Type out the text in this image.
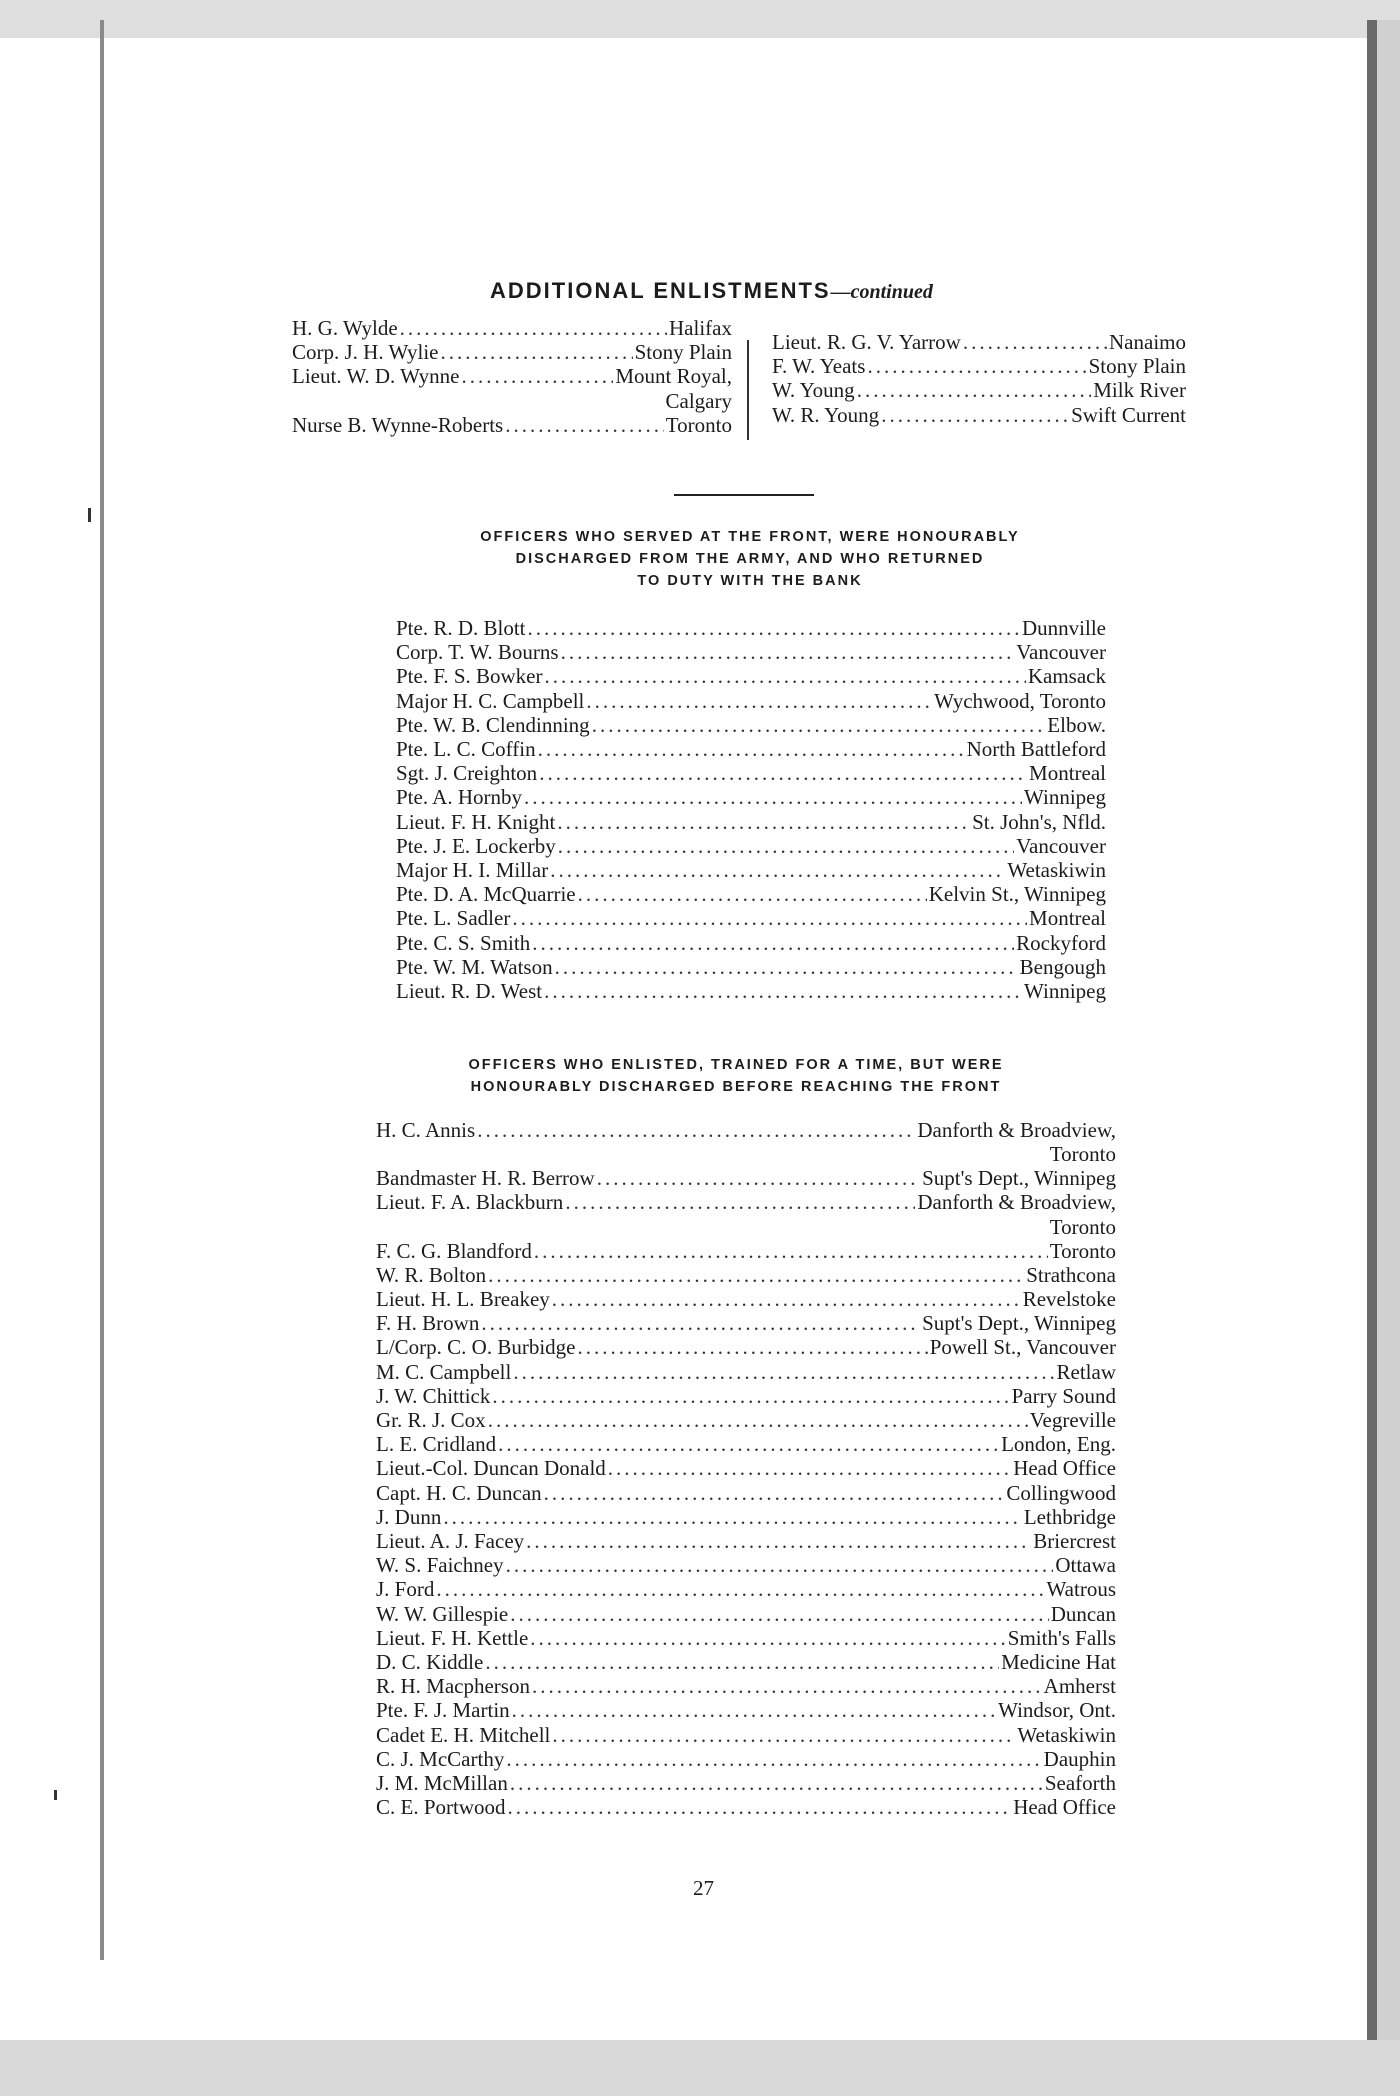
ADDITIONAL ENLISTMENTS—continued
H. G. Wylde .....	Halifax
Corp. J. H. Wylie .....	Stony Plain
Lieut. W. D. Wynne .....	Mount Royal,
Calgary
Nurse B. Wynne-Roberts .....	Toronto
Lieut. R. G. V. Yarrow .....	Nanaimo
F. W. Yeats .....	Stony Plain
W. Young .....	Milk River
W. R. Young .....	Swift Current
OFFICERS WHO SERVED AT THE FRONT, WERE HONOURABLY
DISCHARGED FROM THE ARMY, AND WHO RETURNED
TO DUTY WITH THE BANK
Pte. R. D. Blott .....	Dunnville
Corp. T. W. Bourns .....	Vancouver
Pte. F. S. Bowker .....	Kamsack
Major H. C. Campbell .....	Wychwood, Toronto
Pte. W. B. Clendinning .....	Elbow.
Pte. L. C. Coffin .....	North Battleford
Sgt. J. Creighton .....	Montreal
Pte. A. Hornby .....	Winnipeg
Lieut. F. H. Knight .....	St. John's, Nfld.
Pte. J. E. Lockerby .....	Vancouver
Major H. I. Millar .....	Wetaskiwin
Pte. D. A. McQuarrie .....	Kelvin St., Winnipeg
Pte. L. Sadler .....	Montreal
Pte. C. S. Smith .....	Rockyford
Pte. W. M. Watson .....	Bengough
Lieut. R. D. West .....	Winnipeg
OFFICERS WHO ENLISTED, TRAINED FOR A TIME, BUT WERE
HONOURABLY DISCHARGED BEFORE REACHING THE FRONT
H. C. Annis .....	Danforth & Broadview,
Toronto
Bandmaster H. R. Berrow .....	Supt's Dept., Winnipeg
Lieut. F. A. Blackburn .....	Danforth & Broadview,
Toronto
F. C. G. Blandford .....	Toronto
W. R. Bolton .....	Strathcona
Lieut. H. L. Breakey .....	Revelstoke
F. H. Brown .....	Supt's Dept., Winnipeg
L/Corp. C. O. Burbidge .....	Powell St., Vancouver
M. C. Campbell .....	Retlaw
J. W. Chittick .....	Parry Sound
Gr. R. J. Cox .....	Vegreville
L. E. Cridland .....	London, Eng.
Lieut.-Col. Duncan Donald .....	Head Office
Capt. H. C. Duncan .....	Collingwood
J. Dunn .....	Lethbridge
Lieut. A. J. Facey .....	Briercrest
W. S. Faichney .....	Ottawa
J. Ford .....	Watrous
W. W. Gillespie .....	Duncan
Lieut. F. H. Kettle .....	Smith's Falls
D. C. Kiddle .....	Medicine Hat
R. H. Macpherson .....	Amherst
Pte. F. J. Martin .....	Windsor, Ont.
Cadet E. H. Mitchell .....	Wetaskiwin
C. J. McCarthy .....	Dauphin
J. M. McMillan .....	Seaforth
C. E. Portwood .....	Head Office
27
